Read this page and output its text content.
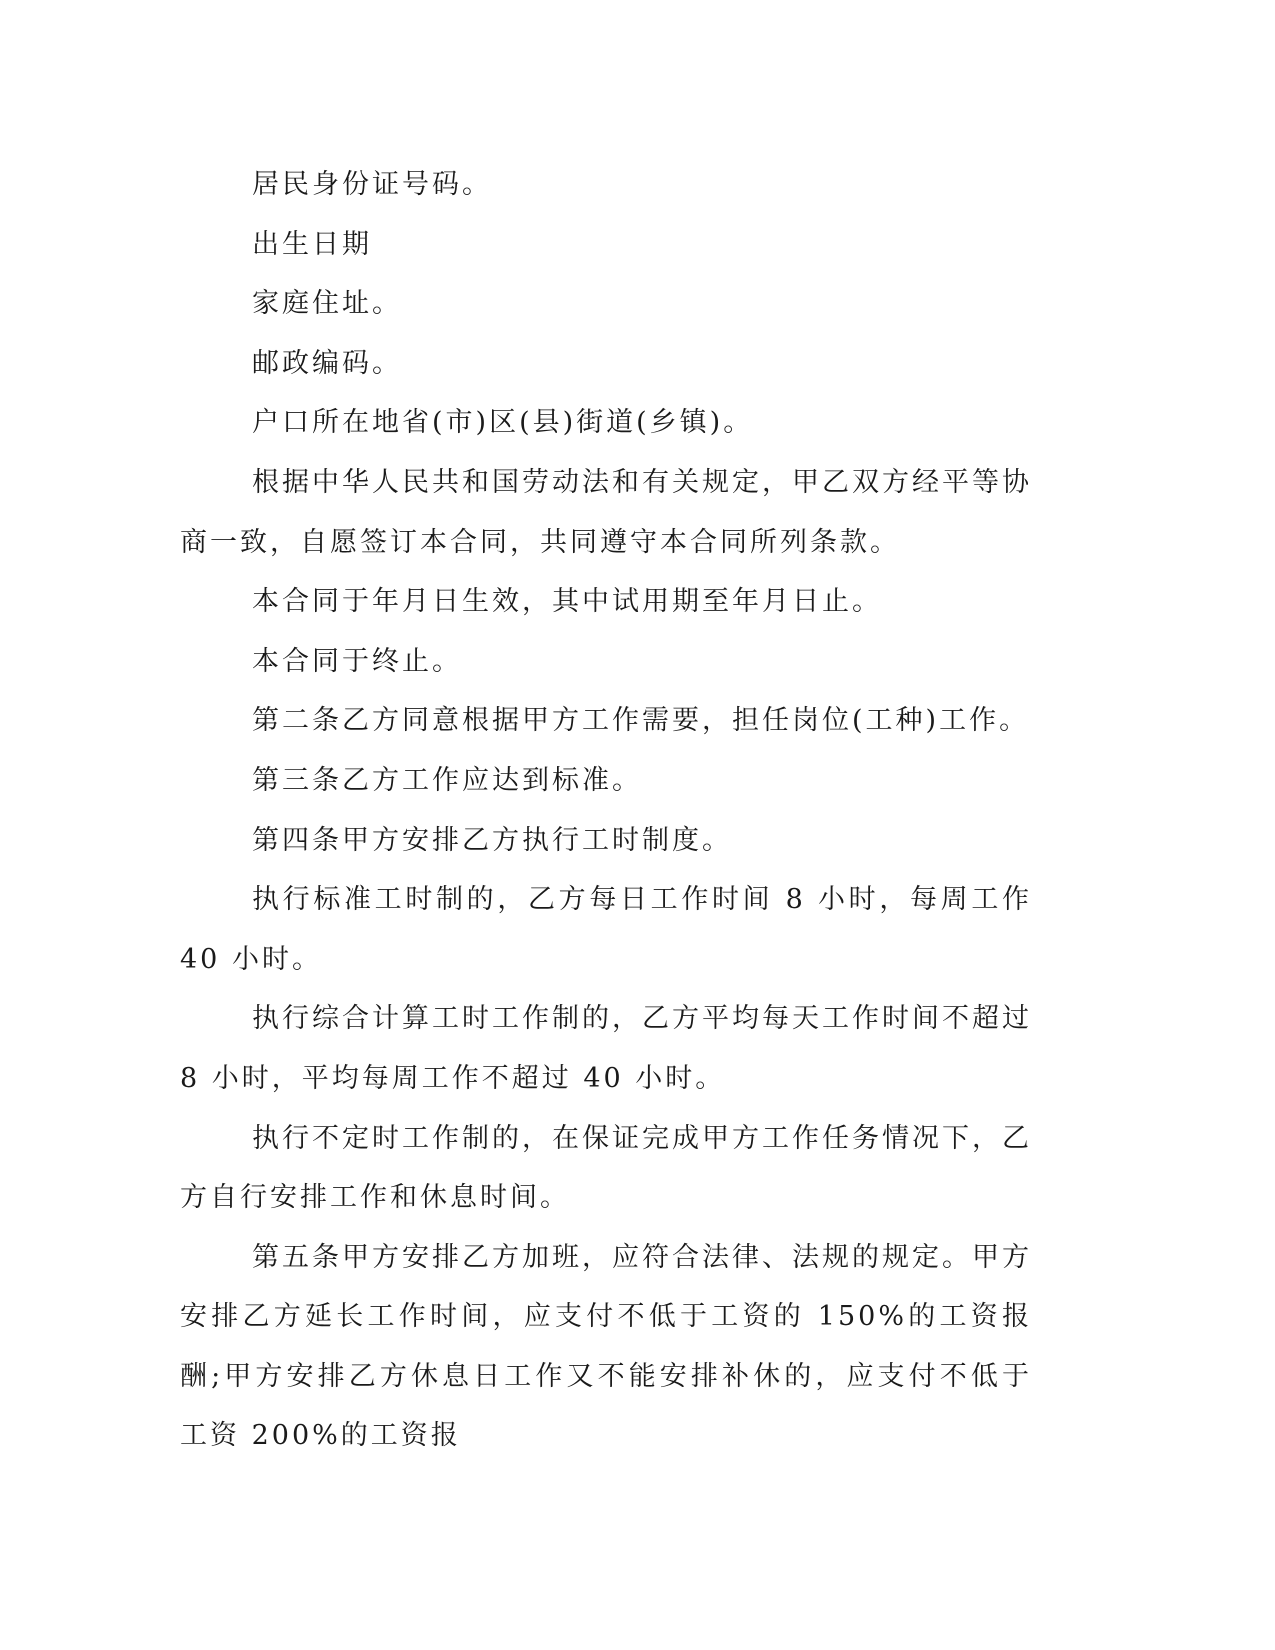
居民身份证号码。

出生日期

家庭住址。

邮政编码。

户口所在地省(市)区(县)街道(乡镇)。

根据中华人民共和国劳动法和有关规定，甲乙双方经平等协商一致，自愿签订本合同，共同遵守本合同所列条款。

本合同于年月日生效，其中试用期至年月日止。

本合同于终止。

第二条乙方同意根据甲方工作需要，担任岗位(工种)工作。

第三条乙方工作应达到标准。

第四条甲方安排乙方执行工时制度。

执行标准工时制的，乙方每日工作时间 8 小时，每周工作 40 小时。

执行综合计算工时工作制的，乙方平均每天工作时间不超过 8 小时，平均每周工作不超过 40 小时。

执行不定时工作制的，在保证完成甲方工作任务情况下，乙方自行安排工作和休息时间。

第五条甲方安排乙方加班，应符合法律、法规的规定。甲方安排乙方延长工作时间，应支付不低于工资的 150%的工资报酬;甲方安排乙方休息日工作又不能安排补休的，应支付不低于工资 200%的工资报
